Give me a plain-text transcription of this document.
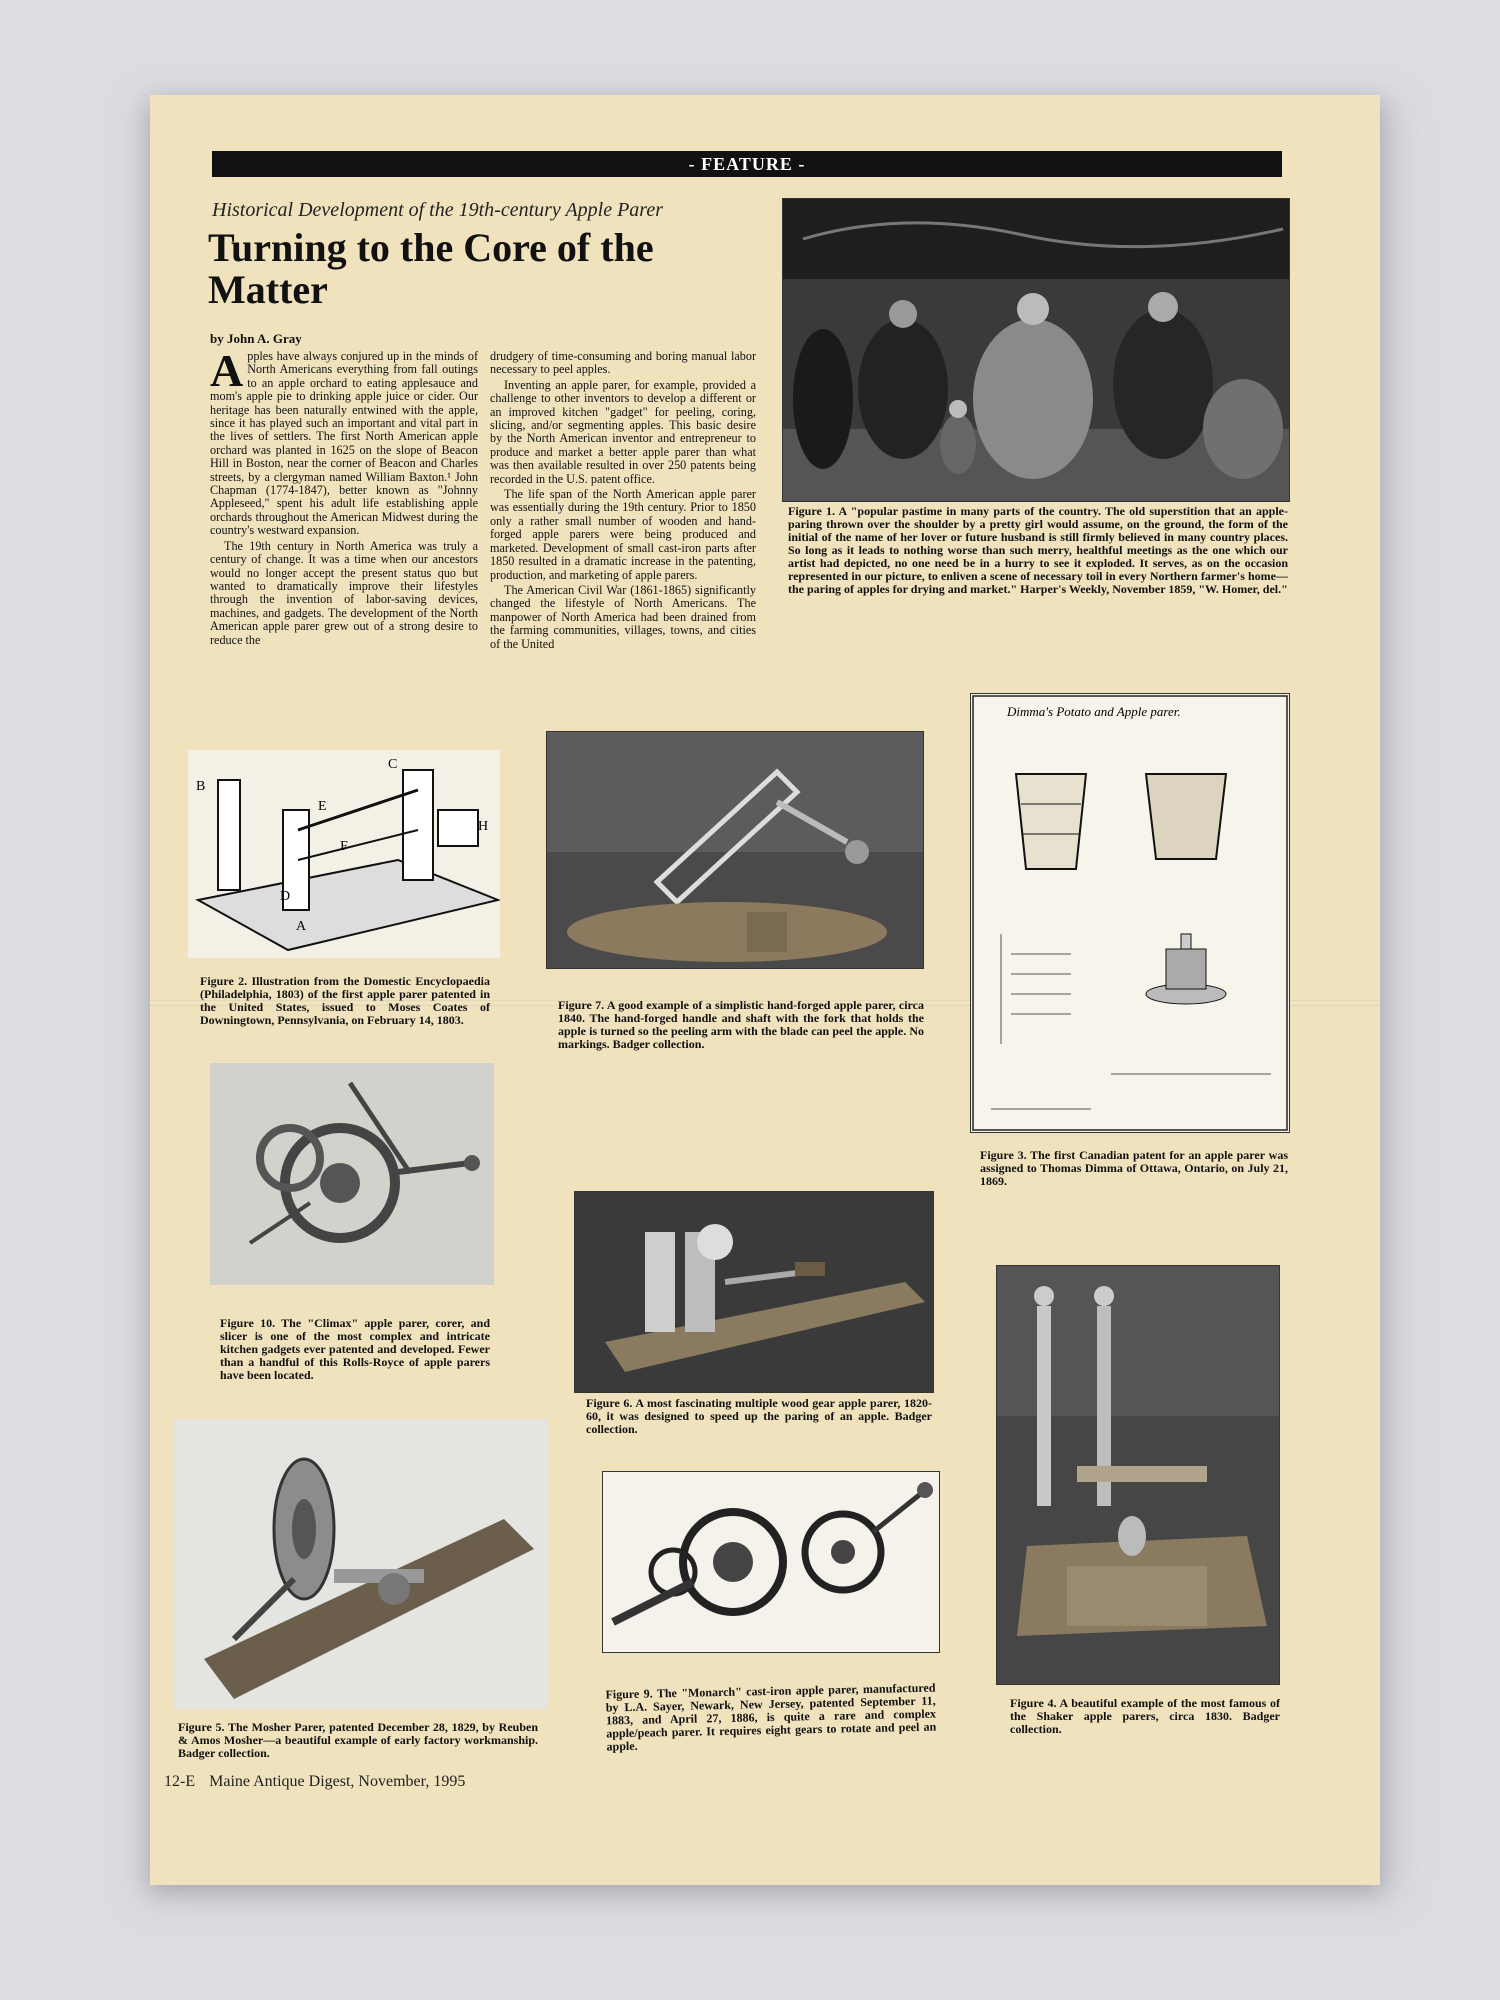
- FEATURE -
Historical Development of the 19th-century Apple Parer
Turning to the Core of the Matter
by John A. Gray

Apples have always conjured up in the minds of North Americans everything from fall outings to an apple orchard to eating applesauce and mom's apple pie to drinking apple juice or cider. Our heritage has been naturally entwined with the apple, since it has played such an important and vital part in the lives of settlers. The first North American apple orchard was planted in 1625 on the slope of Beacon Hill in Boston, near the corner of Beacon and Charles streets, by a clergyman named William Baxton.¹ John Chapman (1774-1847), better known as "Johnny Appleseed," spent his adult life establishing apple orchards throughout the American Midwest during the country's westward expansion.

The 19th century in North America was truly a century of change. It was a time when our ancestors would no longer accept the present status quo but wanted to dramatically improve their lifestyles through the invention of labor-saving devices, machines, and gadgets. The development of the North American apple parer grew out of a strong desire to reduce the

drudgery of time-consuming and boring manual labor necessary to peel apples.

Inventing an apple parer, for example, provided a challenge to other inventors to develop a different or an improved kitchen "gadget" for peeling, coring, slicing, and/or segmenting apples. This basic desire by the North American inventor and entrepreneur to produce and market a better apple parer than what was then available resulted in over 250 patents being recorded in the U.S. patent office.

The life span of the North American apple parer was essentially during the 19th century. Prior to 1850 only a rather small number of wooden and hand-forged apple parers were being produced and marketed. Development of small cast-iron parts after 1850 resulted in a dramatic increase in the patenting, production, and marketing of apple parers.

The American Civil War (1861-1865) significantly changed the lifestyle of North Americans. The manpower of North America had been drained from the farming communities, villages, towns, and cities of the United

Figure 1. A "popular pastime in many parts of the country. The old superstition that an apple-paring thrown over the shoulder by a pretty girl would assume, on the ground, the form of the initial of the name of her lover or future husband is still firmly believed in many country places. So long as it leads to nothing worse than such merry, healthful meetings as the one which our artist had depicted, no one need be in a hurry to see it exploded. It serves, as on the occasion represented in our picture, to enliven a scene of necessary toil in every Northern farmer's home—the paring of apples for drying and market." Harper's Weekly, November 1859, "W. Homer, del."
B
C
E
F
H
A
D
Figure 2. Illustration from the Domestic Encyclopaedia (Philadelphia, 1803) of the first apple parer patented in the United States, issued to Moses Coates of Downingtown, Pennsylvania, on February 14, 1803.
Figure 7. A good example of a simplistic hand-forged apple parer, circa 1840. The hand-forged handle and shaft with the fork that holds the apple is turned so the peeling arm with the blade can peel the apple. No markings. Badger collection.
Dimma's Potato and Apple parer.
Figure 3. The first Canadian patent for an apple parer was assigned to Thomas Dimma of Ottawa, Ontario, on July 21, 1869.
Figure 10. The "Climax" apple parer, corer, and slicer is one of the most complex and intricate kitchen gadgets ever patented and developed. Fewer than a handful of this Rolls-Royce of apple parers have been located.
Figure 6. A most fascinating multiple wood gear apple parer, 1820-60, it was designed to speed up the paring of an apple. Badger collection.
Figure 4. A beautiful example of the most famous of the Shaker apple parers, circa 1830. Badger collection.
Figure 5. The Mosher Parer, patented December 28, 1829, by Reuben & Amos Mosher—a beautiful example of early factory workmanship. Badger collection.
Figure 9. The "Monarch" cast-iron apple parer, manufactured by L.A. Sayer, Newark, New Jersey, patented September 11, 1883, and April 27, 1886, is quite a rare and complex apple/peach parer. It requires eight gears to rotate and peel an apple.
12-E Maine Antique Digest, November, 1995
